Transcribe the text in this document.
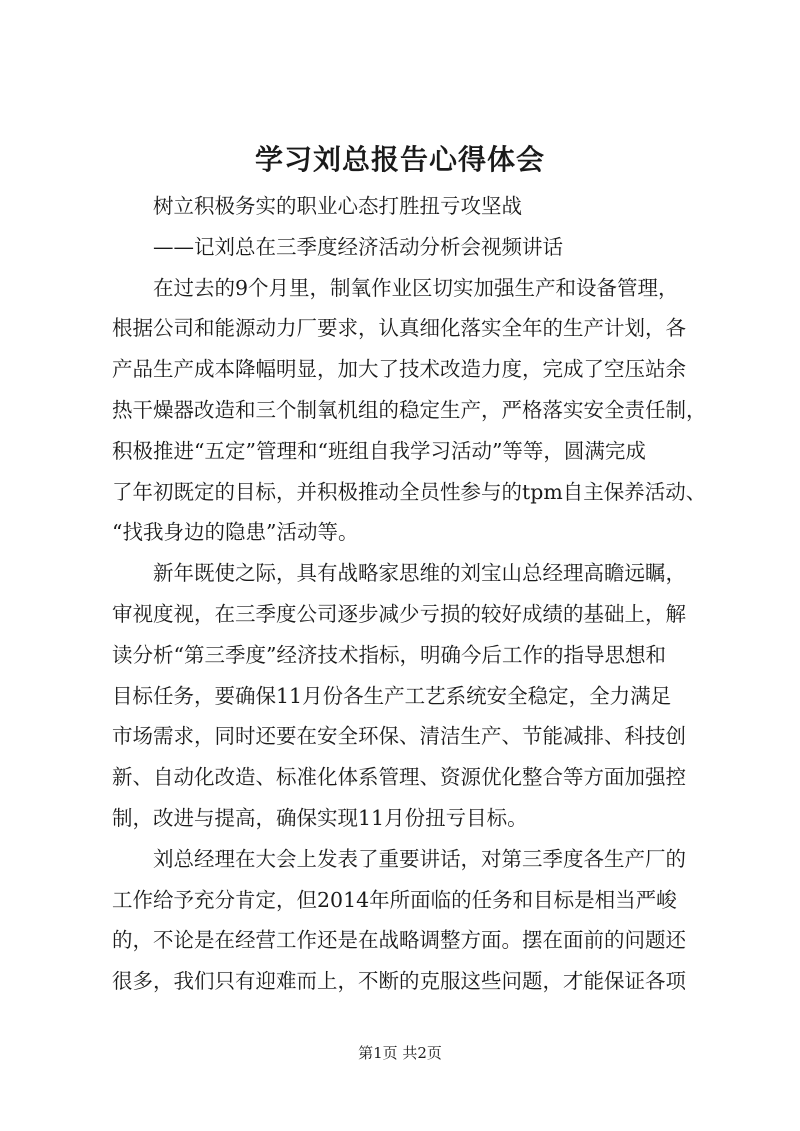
学习刘总报告心得体会
树立积极务实的职业心态打胜扭亏攻坚战
——记刘总在三季度经济活动分析会视频讲话
在过去的9个月里，制氧作业区切实加强生产和设备管理，
根据公司和能源动力厂要求，认真细化落实全年的生产计划，各
产品生产成本降幅明显，加大了技术改造力度，完成了空压站余
热干燥器改造和三个制氧机组的稳定生产，严格落实安全责任制，
积极推进“五定”管理和“班组自我学习活动”等等，圆满完成
了年初既定的目标，并积极推动全员性参与的tpm自主保养活动、
“找我身边的隐患”活动等。
新年既使之际，具有战略家思维的刘宝山总经理高瞻远瞩，
审视度视，在三季度公司逐步减少亏损的较好成绩的基础上，解
读分析“第三季度”经济技术指标，明确今后工作的指导思想和
目标任务，要确保11月份各生产工艺系统安全稳定，全力满足
市场需求，同时还要在安全环保、清洁生产、节能减排、科技创
新、自动化改造、标准化体系管理、资源优化整合等方面加强控
制，改进与提高，确保实现11月份扭亏目标。
刘总经理在大会上发表了重要讲话，对第三季度各生产厂的
工作给予充分肯定，但2014年所面临的任务和目标是相当严峻
的，不论是在经营工作还是在战略调整方面。摆在面前的问题还
很多，我们只有迎难而上，不断的克服这些问题，才能保证各项
第1页 共2页
